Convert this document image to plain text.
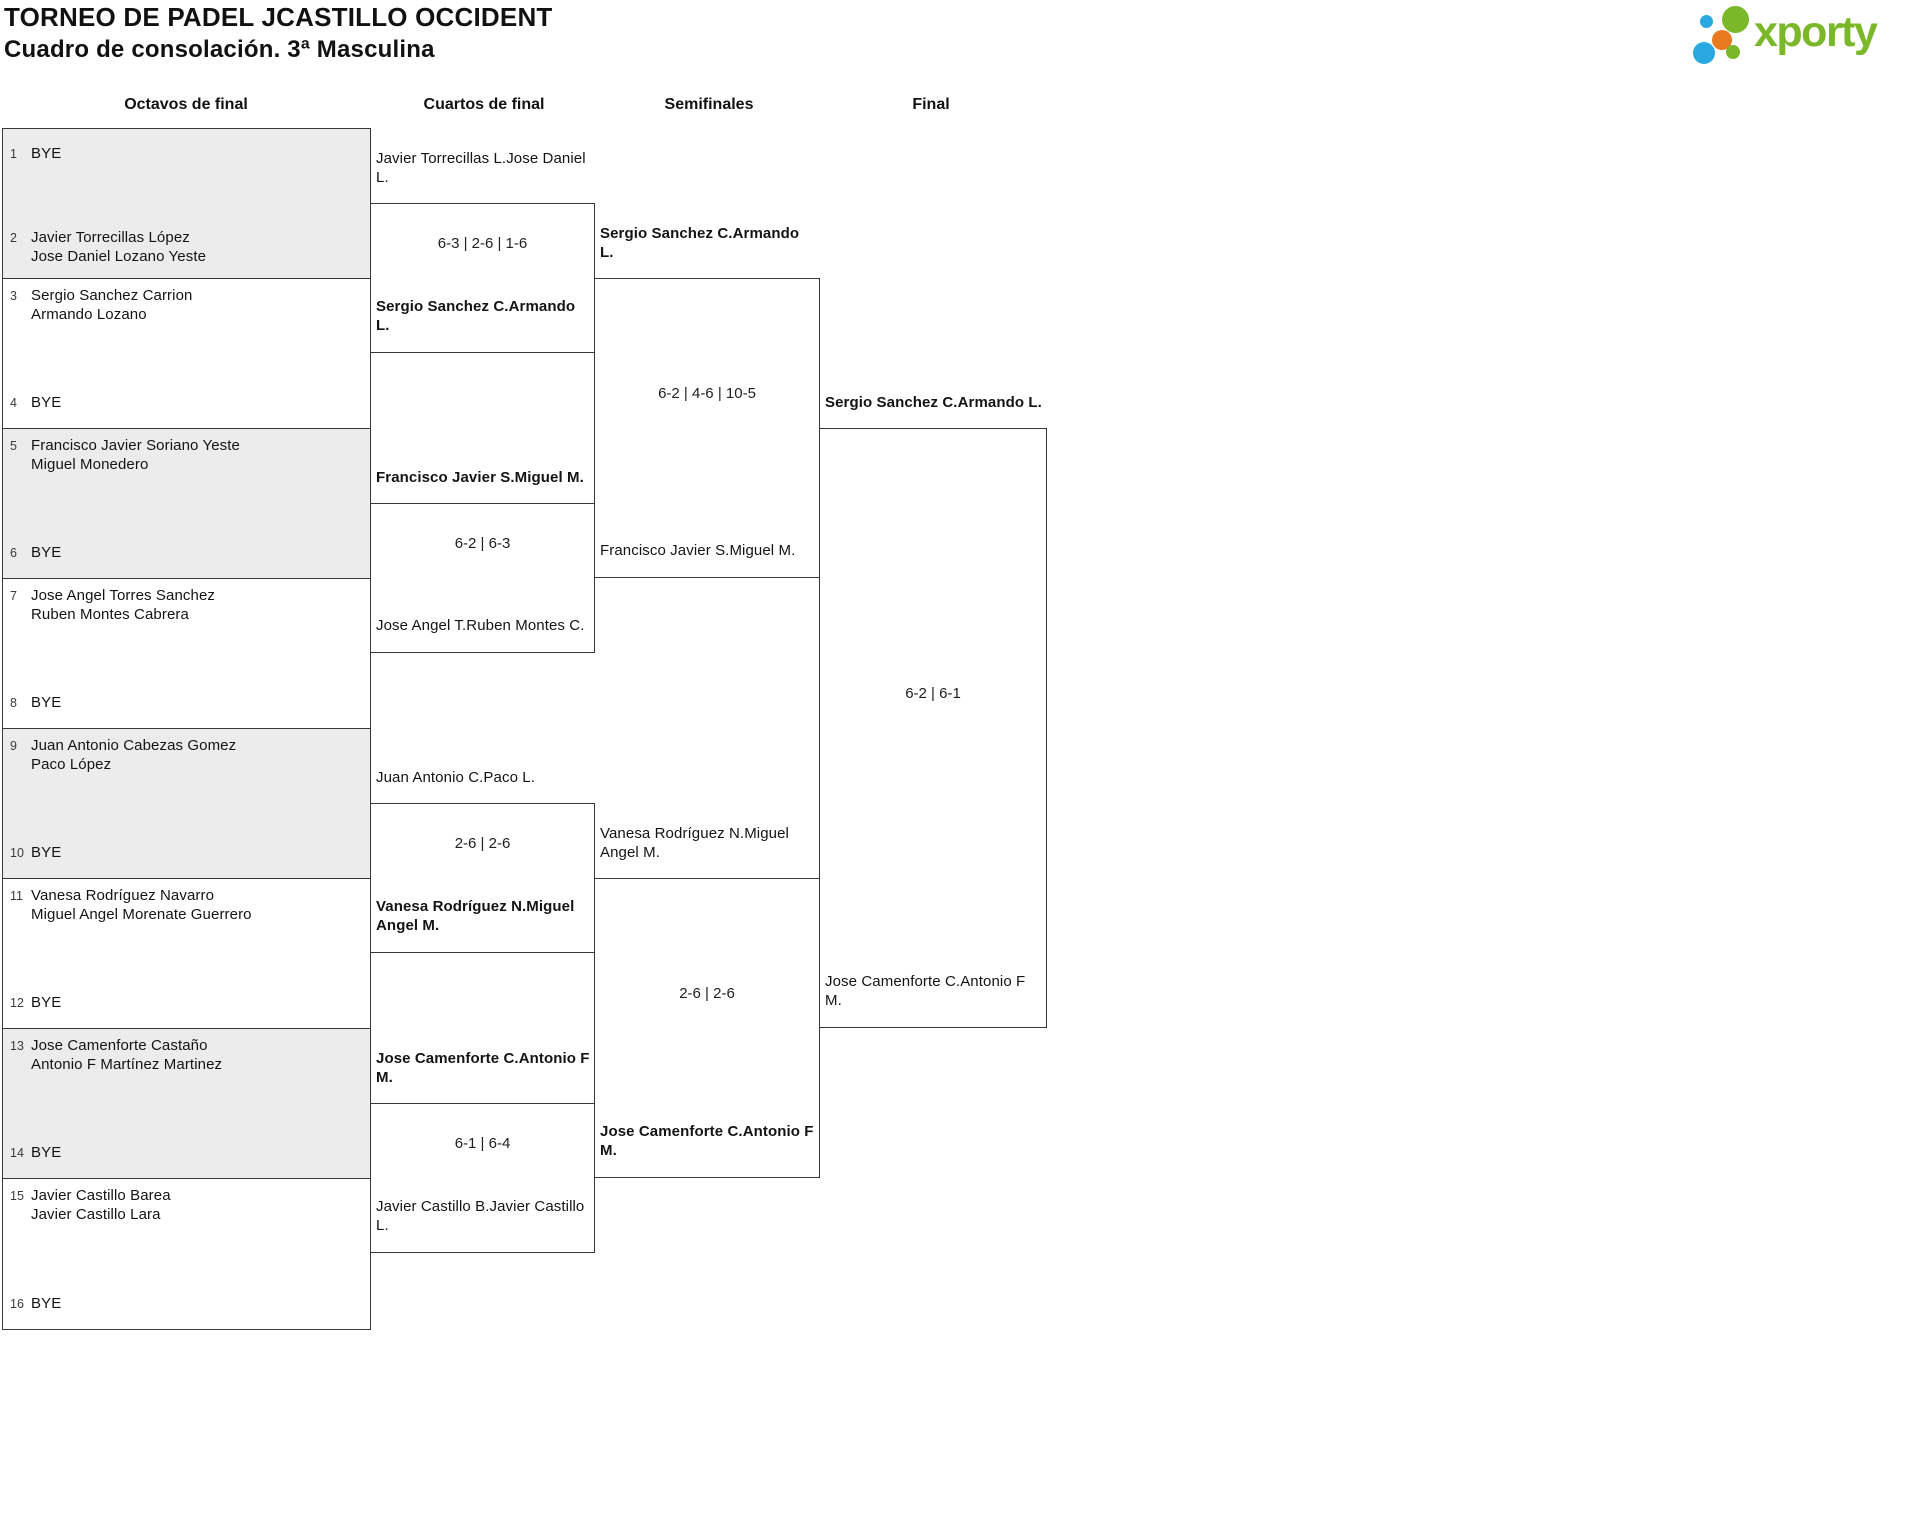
TORNEO DE PADEL JCASTILLO OCCIDENT
Cuadro de consolación. 3ª Masculina	xporty
Octavos de final	Cuartos de final	Semifinales	Final
1 BYE
2 Javier Torrecillas López
Jose Daniel Lozano Yeste
3 Sergio Sanchez Carrion
Armando Lozano
4 BYE
5 Francisco Javier Soriano Yeste
Miguel Monedero
6 BYE
7 Jose Angel Torres Sanchez
Ruben Montes Cabrera
8 BYE
9 Juan Antonio Cabezas Gomez
Paco López
10 BYE
11 Vanesa Rodríguez Navarro
Miguel Angel Morenate Guerrero
12 BYE
13 Jose Camenforte Castaño
Antonio F Martínez Martinez
14 BYE
15 Javier Castillo Barea
Javier Castillo Lara
16 BYE
Javier Torrecillas L.Jose Daniel L.
6-3 | 2-6 | 1-6
Sergio Sanchez C.Armando L.
Francisco Javier S.Miguel M.
6-2 | 6-3
Jose Angel T.Ruben Montes C.
Juan Antonio C.Paco L.
2-6 | 2-6
Vanesa Rodríguez N.Miguel Angel M.
Jose Camenforte C.Antonio F M.
6-1 | 6-4
Javier Castillo B.Javier Castillo L.
Sergio Sanchez C.Armando L.
6-2 | 4-6 | 10-5
Francisco Javier S.Miguel M.
Vanesa Rodríguez N.Miguel Angel M.
2-6 | 2-6
Jose Camenforte C.Antonio F M.
Sergio Sanchez C.Armando L.
6-2 | 6-1
Jose Camenforte C.Antonio F M.
